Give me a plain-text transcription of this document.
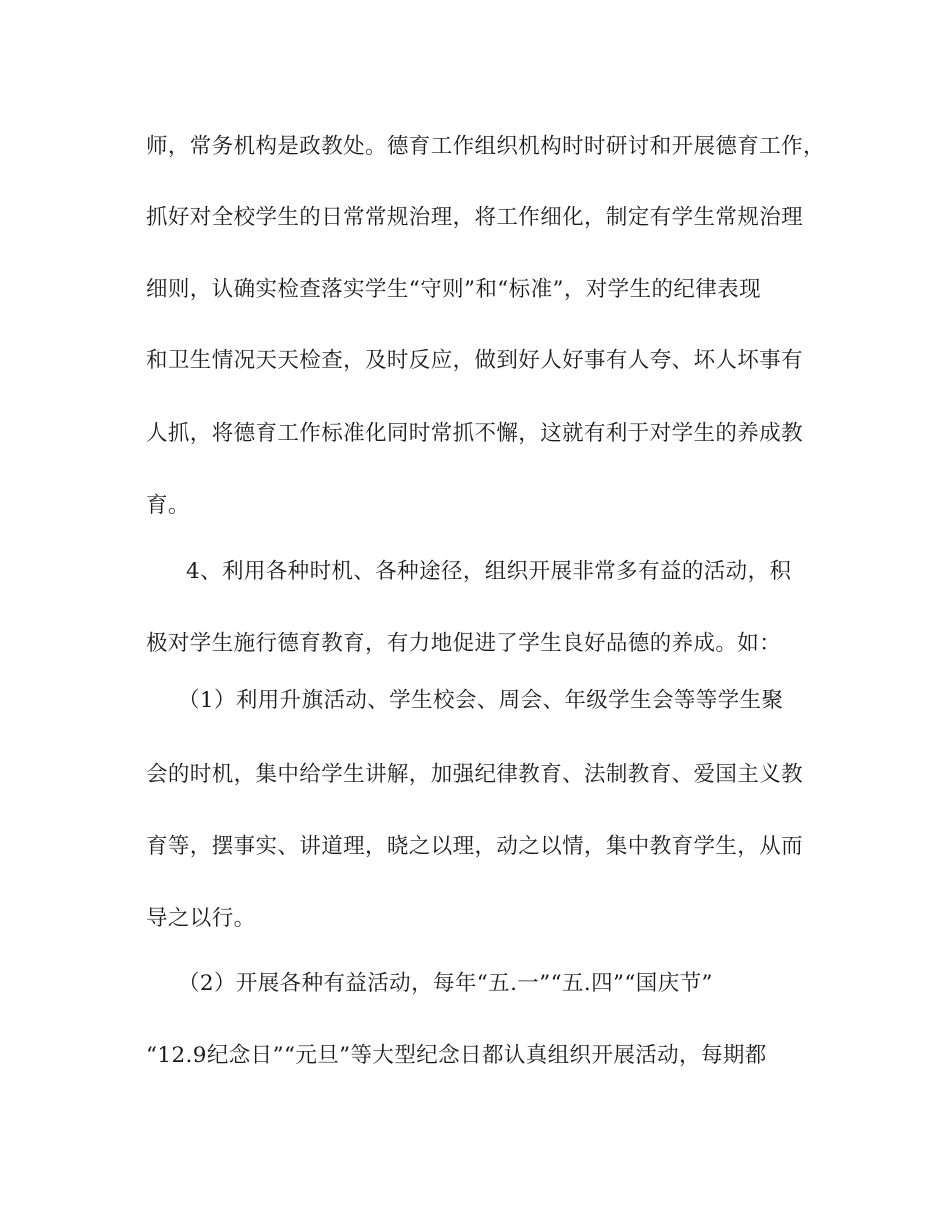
师，常务机构是政教处。德育工作组织机构时时研讨和开展德育工作，
抓好对全校学生的日常常规治理，将工作细化，制定有学生常规治理
细则，认确实检查落实学生“守则”和“标准”，对学生的纪律表现
和卫生情况天天检查，及时反应，做到好人好事有人夸、坏人坏事有
人抓，将德育工作标准化同时常抓不懈，这就有利于对学生的养成教
育。
4、利用各种时机、各种途径，组织开展非常多有益的活动，积
极对学生施行德育教育，有力地促进了学生良好品德的养成。如：
（1）利用升旗活动、学生校会、周会、年级学生会等等学生聚
会的时机，集中给学生讲解，加强纪律教育、法制教育、爱国主义教
育等，摆事实、讲道理，晓之以理，动之以情，集中教育学生，从而
导之以行。
（2）开展各种有益活动，每年“五.一”“五.四”“国庆节”
“12.9纪念日”“元旦”等大型纪念日都认真组织开展活动，每期都
